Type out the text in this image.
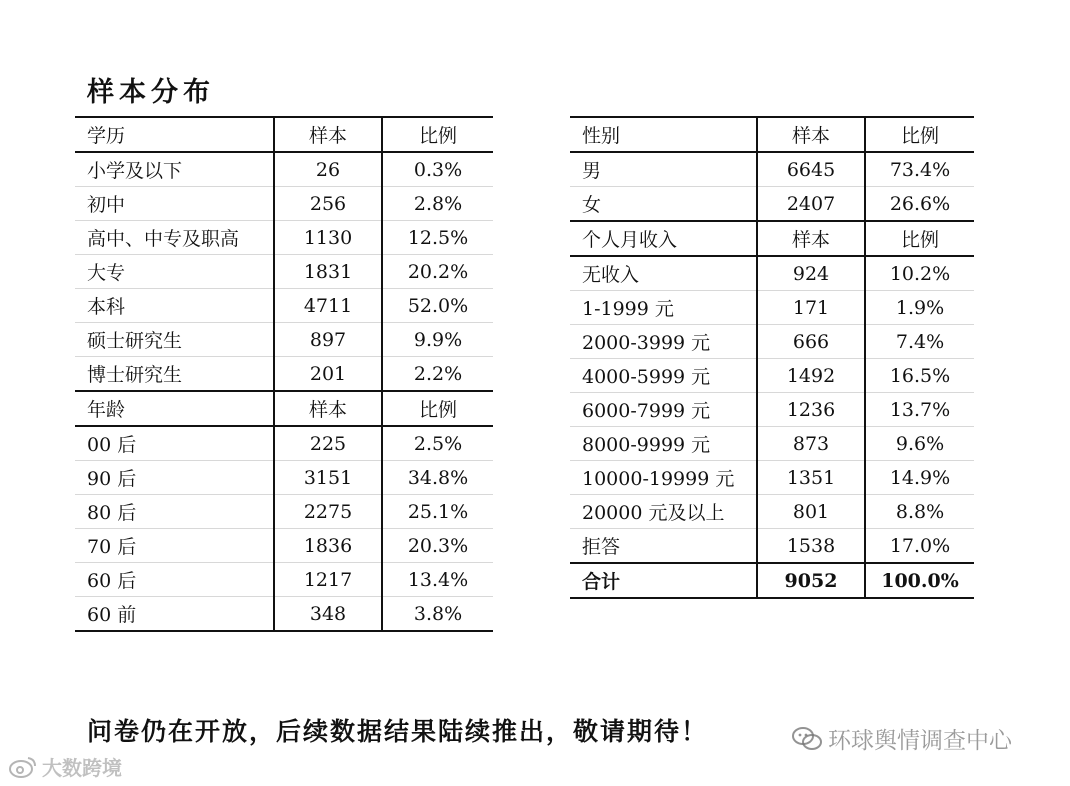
样本分布
学历	样本	比例
小学及以下	26	0.3%
初中	256	2.8%
高中、中专及职高	1130	12.5%
大专	1831	20.2%
本科	4711	52.0%
硕士研究生	897	9.9%
博士研究生	201	2.2%
年龄	样本	比例
00 后	225	2.5%
90 后	3151	34.8%
80 后	2275	25.1%
70 后	1836	20.3%
60 后	1217	13.4%
60 前	348	3.8%
性别	样本	比例
男	6645	73.4%
女	2407	26.6%
个人月收入	样本	比例
无收入	924	10.2%
1-1999 元	171	1.9%
2000-3999 元	666	7.4%
4000-5999 元	1492	16.5%
6000-7999 元	1236	13.7%
8000-9999 元	873	9.6%
10000-19999 元	1351	14.9%
20000 元及以上	801	8.8%
拒答	1538	17.0%
合计	9052	100.0%
问卷仍在开放，后续数据结果陆续推出，敬请期待！	环球舆情调查中心
大数跨境
